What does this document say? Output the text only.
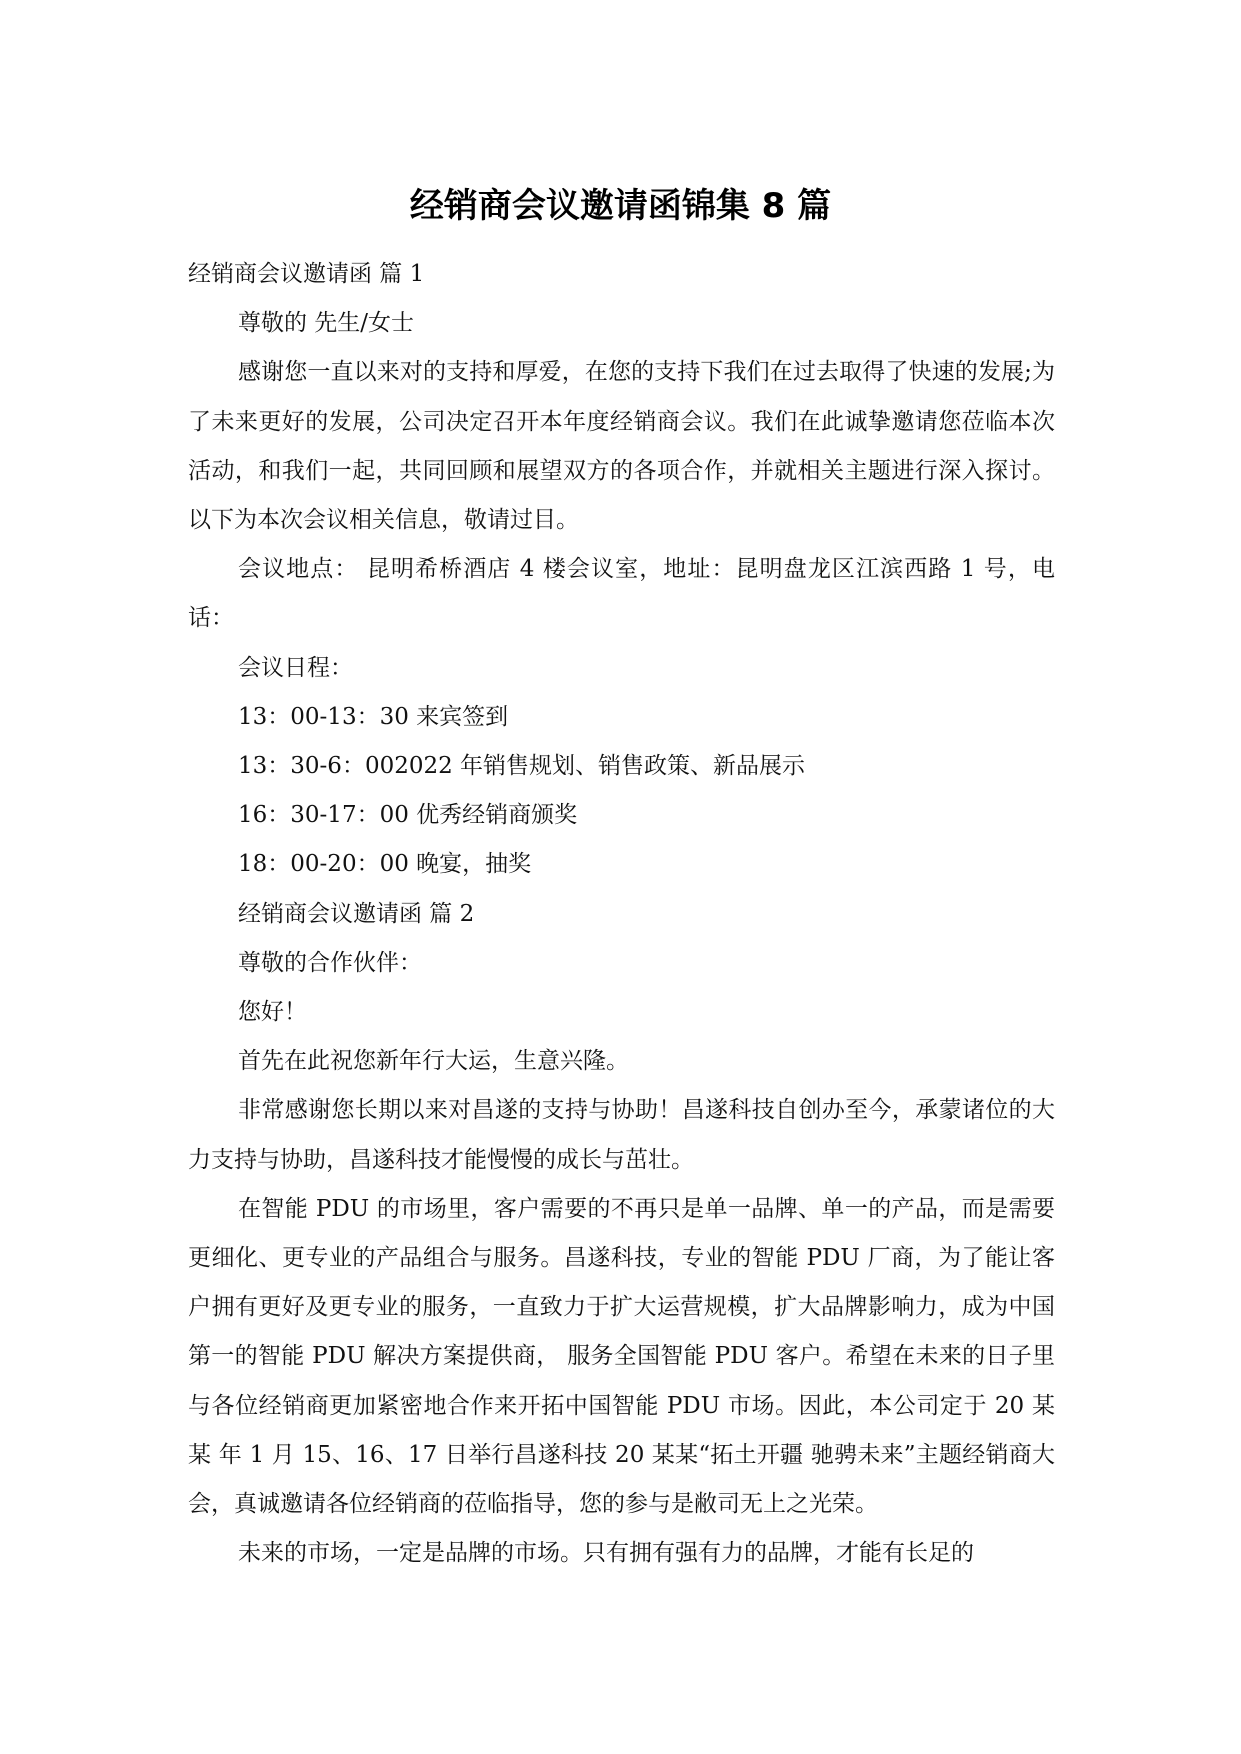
经销商会议邀请函锦集 8 篇

经销商会议邀请函 篇 1

尊敬的 先生/女士

感谢您一直以来对的支持和厚爱，在您的支持下我们在过去取得了快速的发展;为了未来更好的发展，公司决定召开本年度经销商会议。我们在此诚挚邀请您莅临本次活动，和我们一起，共同回顾和展望双方的各项合作，并就相关主题进行深入探讨。 以下为本次会议相关信息，敬请过目。

会议地点： 昆明希桥酒店 4 楼会议室，地址：昆明盘龙区江滨西路 1 号，电话：

会议日程：

13：00-13：30 来宾签到

13：30-6：002022 年销售规划、销售政策、新品展示

16：30-17：00 优秀经销商颁奖

18：00-20：00 晚宴，抽奖

经销商会议邀请函 篇 2

尊敬的合作伙伴：

您好！

首先在此祝您新年行大运，生意兴隆。

非常感谢您长期以来对昌遂的支持与协助！昌遂科技自创办至今，承蒙诸位的大力支持与协助，昌遂科技才能慢慢的成长与茁壮。

在智能 PDU 的市场里，客户需要的不再只是单一品牌、单一的产品，而是需要更细化、更专业的产品组合与服务。昌遂科技，专业的智能 PDU 厂商，为了能让客户拥有更好及更专业的服务，一直致力于扩大运营规模，扩大品牌影响力，成为中国第一的智能 PDU 解决方案提供商， 服务全国智能 PDU 客户。希望在未来的日子里与各位经销商更加紧密地合作来开拓中国智能 PDU 市场。因此，本公司定于 20 某某 年 1 月 15、16、17 日举行昌遂科技 20 某某“拓土开疆 驰骋未来”主题经销商大会，真诚邀请各位经销商的莅临指导，您的参与是敝司无上之光荣。

未来的市场，一定是品牌的市场。只有拥有强有力的品牌，才能有长足的
